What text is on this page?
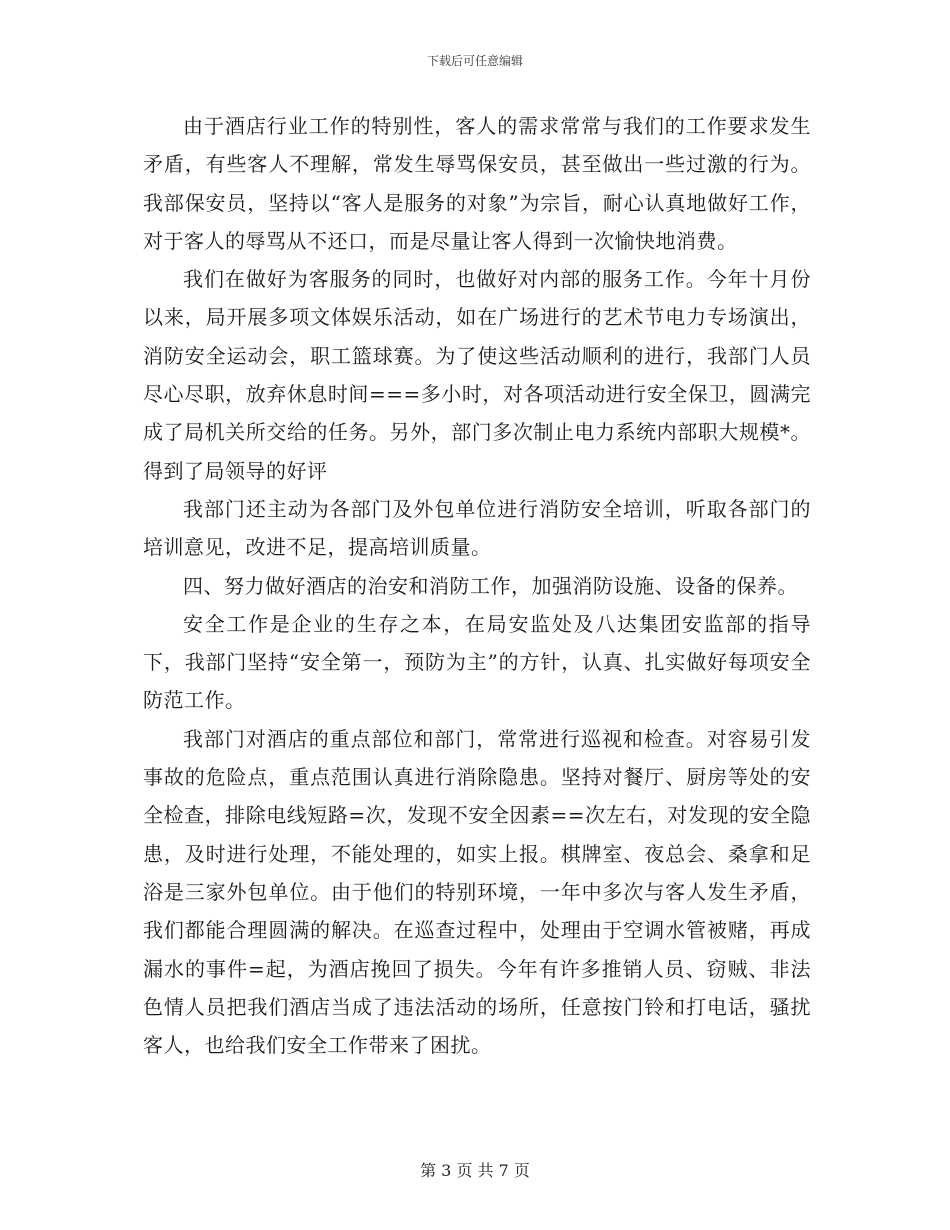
下载后可任意编辑

由于酒店行业工作的特别性，客人的需求常常与我们的工作要求发生矛盾，有些客人不理解，常发生辱骂保安员，甚至做出一些过激的行为。我部保安员，坚持以“客人是服务的对象”为宗旨，耐心认真地做好工作，对于客人的辱骂从不还口，而是尽量让客人得到一次愉快地消费。

我们在做好为客服务的同时，也做好对内部的服务工作。今年十月份以来，局开展多项文体娱乐活动，如在广场进行的艺术节电力专场演出，消防安全运动会，职工篮球赛。为了使这些活动顺利的进行，我部门人员尽心尽职，放弃休息时间===多小时，对各项活动进行安全保卫，圆满完成了局机关所交给的任务。另外，部门多次制止电力系统内部职大规模*。得到了局领导的好评

我部门还主动为各部门及外包单位进行消防安全培训，听取各部门的培训意见，改进不足，提高培训质量。

四、努力做好酒店的治安和消防工作，加强消防设施、设备的保养。

安全工作是企业的生存之本，在局安监处及八达集团安监部的指导下，我部门坚持“安全第一，预防为主”的方针，认真、扎实做好每项安全防范工作。

我部门对酒店的重点部位和部门，常常进行巡视和检查。对容易引发事故的危险点，重点范围认真进行消除隐患。坚持对餐厅、厨房等处的安全检查，排除电线短路=次，发现不安全因素==次左右，对发现的安全隐患，及时进行处理，不能处理的，如实上报。棋牌室、夜总会、桑拿和足浴是三家外包单位。由于他们的特别环境，一年中多次与客人发生矛盾，我们都能合理圆满的解决。在巡查过程中，处理由于空调水管被赌，再成漏水的事件=起，为酒店挽回了损失。今年有许多推销人员、窃贼、非法色情人员把我们酒店当成了违法活动的场所，任意按门铃和打电话，骚扰客人，也给我们安全工作带来了困扰。

第 3 页 共 7 页
